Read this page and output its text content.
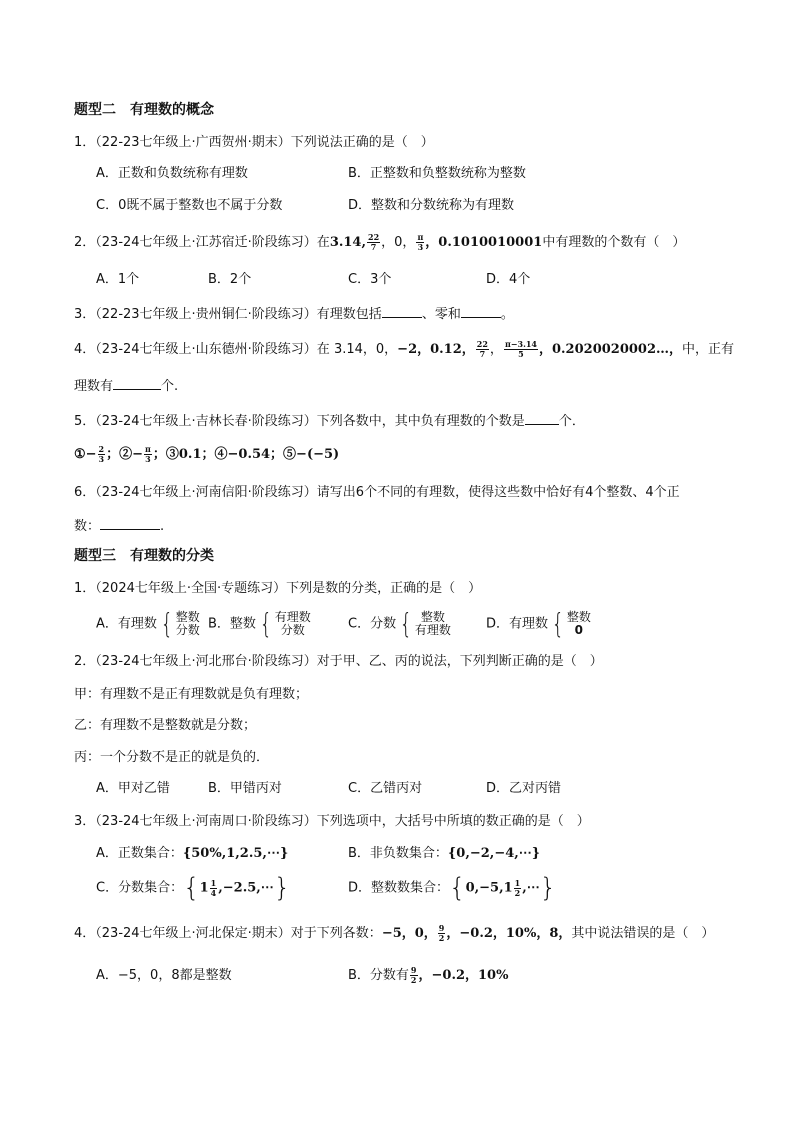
题型二　有理数的概念
1．（22-23七年级上·广西贺州·期末）下列说法正确的是（　）
A．正数和负数统称有理数	B．正整数和负整数统称为整数
C．0既不属于整数也不属于分数	D．整数和分数统称为有理数
2．（23-24七年级上·江苏宿迁·阶段练习）在3.14, $\frac{22}{7}$ ，0， $\frac{\pi}{3}$ ，0.1010010001中有理数的个数有（　）
A．1个	B．2个	C．3个	D．4个
3．（22-23七年级上·贵州铜仁·阶段练习）有理数包括	、零和	。
4．（23-24七年级上·山东德州·阶段练习）在 3.14，0，−2，0.12， $\frac{22}{7}$ ， $\frac{\pi-3.14}{5}$ ，0.2020020002…，中，正有
理数有	个.
5．（23-24七年级上·吉林长春·阶段练习）下列各数中，其中负有理数的个数是	个．
①− $\frac{2}{3}$ ；②− $\frac{\pi}{3}$ ；③0.1；④−0.54；⑤−(−5)
6．（23-24七年级上·河南信阳·阶段练习）请写出6个不同的有理数，使得这些数中恰好有4个整数、4个正
数：	.
题型三　有理数的分类
1．（2024七年级上·全国·专题练习）下列是数的分类，正确的是（　）
A．有理数 { 整数
分数 B．整数 { 有理数
分数	C．分数 { 整数
有理数	D．有理数 { 整数
0
2．（23-24七年级上·河北邢台·阶段练习）对于甲、乙、丙的说法，下列判断正确的是（　）
甲：有理数不是正有理数就是负有理数；
乙：有理数不是整数就是分数；
丙：一个分数不是正的就是负的．
A．甲对乙错	B．甲错丙对	C．乙错丙对	D．乙对丙错
3．（23-24七年级上·河南周口·阶段练习）下列选项中，大括号中所填的数正确的是（　）
A．正数集合：{50%,1,2.5,⋯}	B．非负数集合：{0,−2,−4,⋯}
C．分数集合：{$1 \frac{1}{4}$ ,−2.5,⋯}	D．整数数集合：{$0,-5,1 \frac{1}{2}$ ,⋯}
4．（23-24七年级上·河北保定·期末）对于下列各数：−5，0， $\frac{9}{2}$ ，−0.2，10%，8，其中说法错误的是（　）
A．−5，0，8都是整数	B．分数有 $\frac{9}{2}$ ，−0.2，10%
